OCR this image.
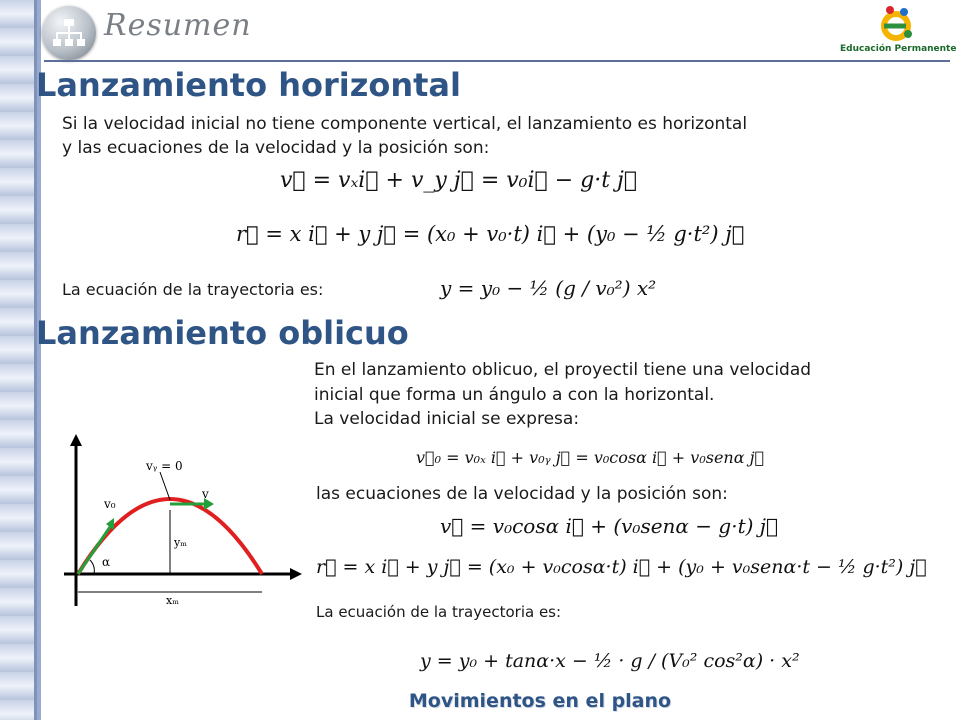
Resumen
Educación Permanente
Lanzamiento horizontal
Si la velocidad inicial no tiene componente vertical, el lanzamiento es horizontal
y las ecuaciones de la velocidad y la posición son:
v⃗ = vₓi⃗ + v_y j⃗ = v₀i⃗ − g·t j⃗
r⃗ = x i⃗ + y j⃗ = (x₀ + v₀·t) i⃗ + (y₀ − ½ g·t²) j⃗
La ecuación de la trayectoria es:	y = y₀ − ½ (g / v₀²) x²
Lanzamiento oblicuo
En el lanzamiento oblicuo, el proyectil tiene una velocidad
inicial que forma un ángulo a con la horizontal.
La velocidad inicial se expresa:
v⃗₀ = v₀ₓ i⃗ + v₀ᵧ j⃗ = v₀cosα i⃗ + v₀senα j⃗
las ecuaciones de la velocidad y la posición son:
v⃗ = v₀cosα i⃗ + (v₀senα − g·t) j⃗
r⃗ = x i⃗ + y j⃗ = (x₀ + v₀cosα·t) i⃗ + (y₀ + v₀senα·t − ½ g·t²) j⃗
La ecuación de la trayectoria es:
y = y₀ + tanα·x − ½ · g / (V₀² cos²α) · x²
vᵧ = 0
v₀
v
α
yₘ
xₘ
Movimientos en el plano
